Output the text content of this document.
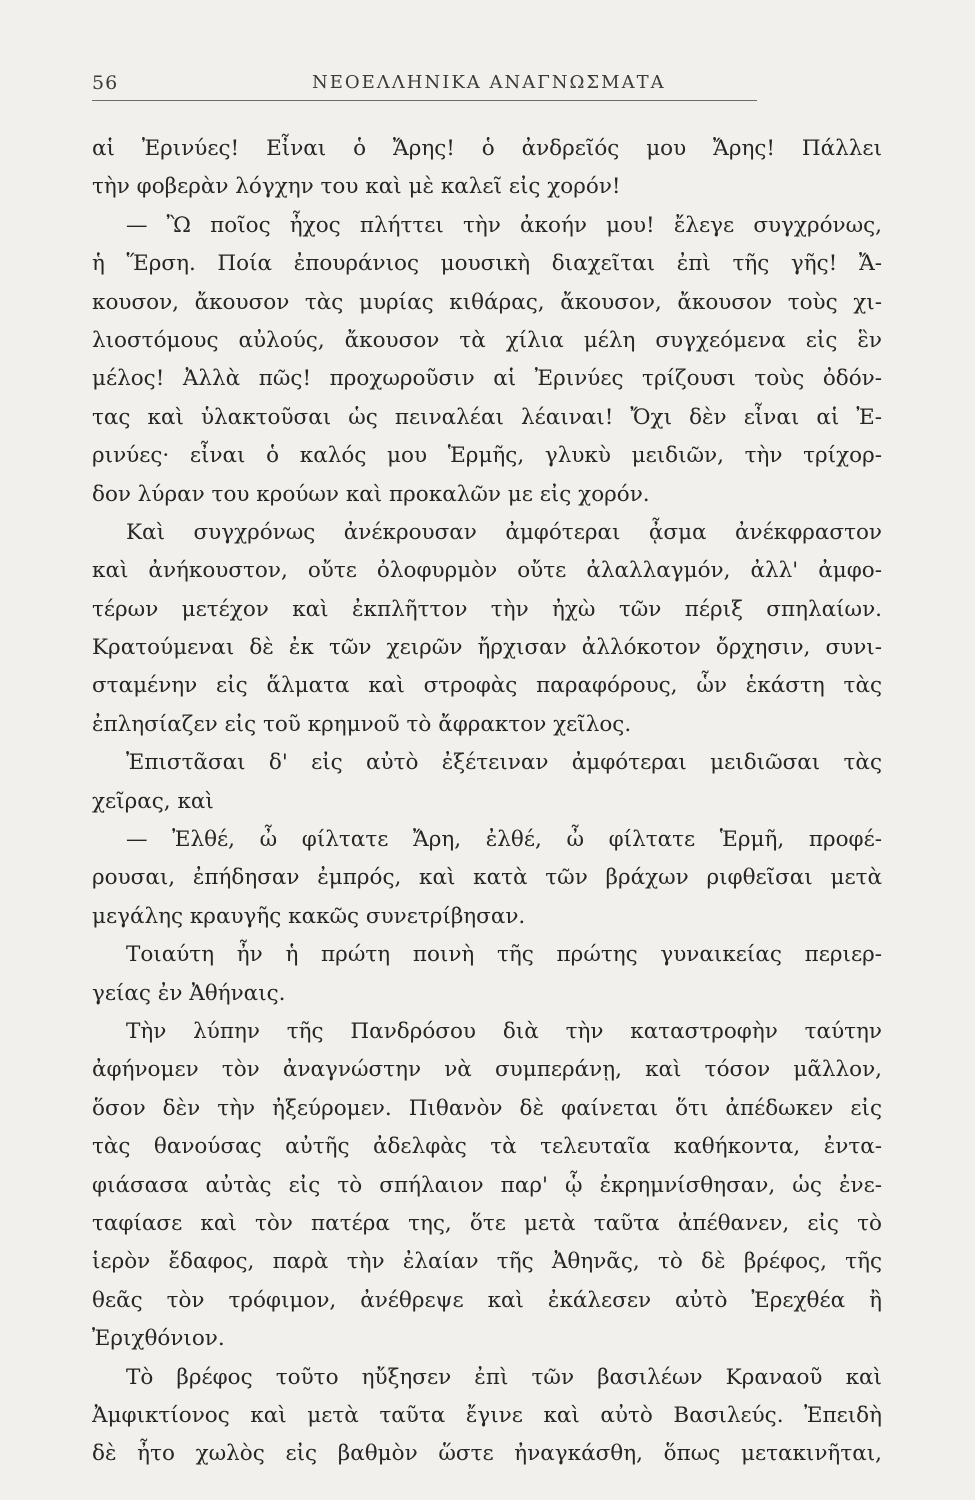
56	ΝΕΟΕΛΛΗΝΙΚΑ ΑΝΑΓΝΩΣΜΑΤΑ
αἱ Ἐρινύες! Εἶναι ὁ Ἄρης! ὁ ἀνδρεῖός μου Ἄρης! Πάλλει
τὴν φοβερὰν λόγχην του καὶ μὲ καλεῖ εἰς χορόν!
— Ὢ ποῖος ἦχος πλήττει τὴν ἀκοήν μου! ἔλεγε συγχρόνως,
ἡ Ἕρση. Ποία ἐπουράνιος μουσικὴ διαχεῖται ἐπὶ τῆς γῆς! Ἄ-
κουσον, ἄκουσον τὰς μυρίας κιθάρας, ἄκουσον, ἄκουσον τοὺς χι-
λιοστόμους αὐλούς, ἄκουσον τὰ χίλια μέλη συγχεόμενα εἰς ἓν
μέλος! Ἀλλὰ πῶς! προχωροῦσιν αἱ Ἐρινύες τρίζουσι τοὺς ὀδόν-
τας καὶ ὑλακτοῦσαι ὡς πειναλέαι λέαιναι! Ὄχι δὲν εἶναι αἱ Ἐ-
ρινύες· εἶναι ὁ καλός μου Ἑρμῆς, γλυκὺ μειδιῶν, τὴν τρίχορ-
δον λύραν του κρούων καὶ προκαλῶν με εἰς χορόν.
Καὶ συγχρόνως ἀνέκρουσαν ἀμφότεραι ᾆσμα ἀνέκφραστον
καὶ ἀνήκουστον, οὔτε ὀλοφυρμὸν οὔτε ἀλαλλαγμόν, ἀλλ' ἀμφο-
τέρων μετέχον καὶ ἐκπλῆττον τὴν ἠχὼ τῶν πέριξ σπηλαίων.
Κρατούμεναι δὲ ἐκ τῶν χειρῶν ἤρχισαν ἀλλόκοτον ὄρχησιν, συνι-
σταμένην εἰς ἅλματα καὶ στροφὰς παραφόρους, ὧν ἑκάστη τὰς
ἐπλησίαζεν εἰς τοῦ κρημνοῦ τὸ ἄφρακτον χεῖλος.
Ἐπιστᾶσαι δ' εἰς αὐτὸ ἐξέτειναν ἀμφότεραι μειδιῶσαι τὰς
χεῖρας, καὶ
— Ἐλθέ, ὦ φίλτατε Ἄρη, ἐλθέ, ὦ φίλτατε Ἑρμῆ, προφέ-
ρουσαι, ἐπήδησαν ἐμπρός, καὶ κατὰ τῶν βράχων ριφθεῖσαι μετὰ
μεγάλης κραυγῆς κακῶς συνετρίβησαν.
Τοιαύτη ἦν ἡ πρώτη ποινὴ τῆς πρώτης γυναικείας περιερ-
γείας ἐν Ἀθήναις.
Τὴν λύπην τῆς Πανδρόσου διὰ τὴν καταστροφὴν ταύτην
ἀφήνομεν τὸν ἀναγνώστην νὰ συμπεράνῃ, καὶ τόσον μᾶλλον,
ὅσον δὲν τὴν ἠξεύρομεν. Πιθανὸν δὲ φαίνεται ὅτι ἀπέδωκεν εἰς
τὰς θανούσας αὐτῆς ἀδελφὰς τὰ τελευταῖα καθήκοντα, ἐντα-
φιάσασα αὐτὰς εἰς τὸ σπήλαιον παρ' ᾧ ἐκρημνίσθησαν, ὡς ἐνε-
ταφίασε καὶ τὸν πατέρα της, ὅτε μετὰ ταῦτα ἀπέθανεν, εἰς τὸ
ἱερὸν ἔδαφος, παρὰ τὴν ἐλαίαν τῆς Ἀθηνᾶς, τὸ δὲ βρέφος, τῆς
θεᾶς τὸν τρόφιμον, ἀνέθρεψε καὶ ἐκάλεσεν αὐτὸ Ἐρεχθέα ἢ
Ἐριχθόνιον.
Τὸ βρέφος τοῦτο ηὔξησεν ἐπὶ τῶν βασιλέων Κραναοῦ καὶ
Ἀμφικτίονος καὶ μετὰ ταῦτα ἔγινε καὶ αὐτὸ Βασιλεύς. Ἐπειδὴ
δὲ ἦτο χωλὸς εἰς βαθμὸν ὥστε ἠναγκάσθη, ὅπως μετακινῆται,
